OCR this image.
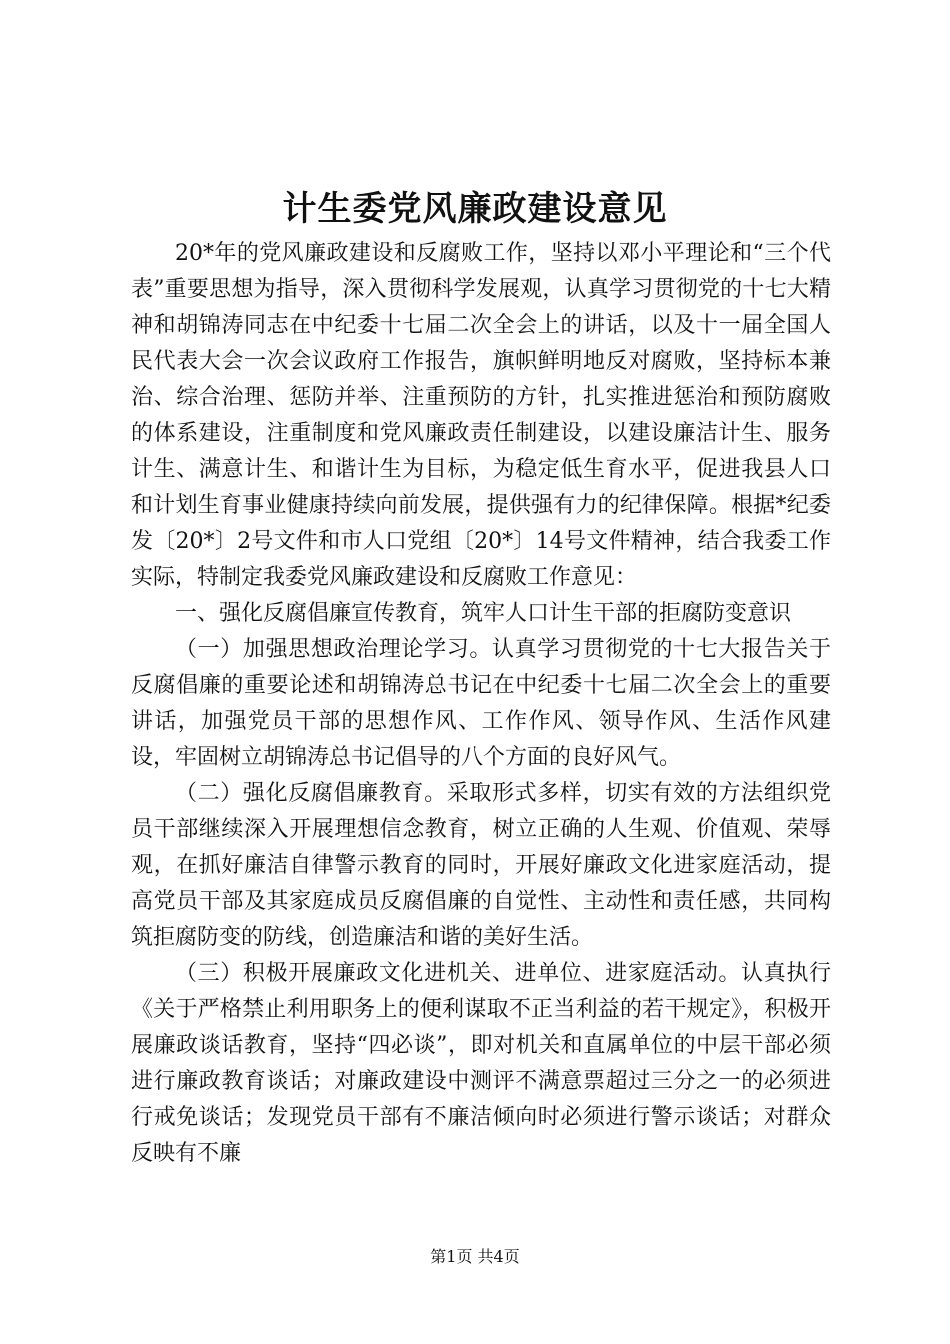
计生委党风廉政建设意见

20*年的党风廉政建设和反腐败工作，坚持以邓小平理论和“三个代表”重要思想为指导，深入贯彻科学发展观，认真学习贯彻党的十七大精神和胡锦涛同志在中纪委十七届二次全会上的讲话，以及十一届全国人民代表大会一次会议政府工作报告，旗帜鲜明地反对腐败，坚持标本兼治、综合治理、惩防并举、注重预防的方针，扎实推进惩治和预防腐败的体系建设，注重制度和党风廉政责任制建设，以建设廉洁计生、服务计生、满意计生、和谐计生为目标，为稳定低生育水平，促进我县人口和计划生育事业健康持续向前发展，提供强有力的纪律保障。根据*纪委发〔20*〕2号文件和市人口党组〔20*〕14号文件精神，结合我委工作实际，特制定我委党风廉政建设和反腐败工作意见：

一、强化反腐倡廉宣传教育，筑牢人口计生干部的拒腐防变意识

（一）加强思想政治理论学习。认真学习贯彻党的十七大报告关于反腐倡廉的重要论述和胡锦涛总书记在中纪委十七届二次全会上的重要讲话，加强党员干部的思想作风、工作作风、领导作风、生活作风建设，牢固树立胡锦涛总书记倡导的八个方面的良好风气。

（二）强化反腐倡廉教育。采取形式多样，切实有效的方法组织党员干部继续深入开展理想信念教育，树立正确的人生观、价值观、荣辱观，在抓好廉洁自律警示教育的同时，开展好廉政文化进家庭活动，提高党员干部及其家庭成员反腐倡廉的自觉性、主动性和责任感，共同构筑拒腐防变的防线，创造廉洁和谐的美好生活。

（三）积极开展廉政文化进机关、进单位、进家庭活动。认真执行《关于严格禁止利用职务上的便利谋取不正当利益的若干规定》，积极开展廉政谈话教育，坚持“四必谈”，即对机关和直属单位的中层干部必须进行廉政教育谈话；对廉政建设中测评不满意票超过三分之一的必须进行戒免谈话；发现党员干部有不廉洁倾向时必须进行警示谈话；对群众反映有不廉

第1页 共4页
